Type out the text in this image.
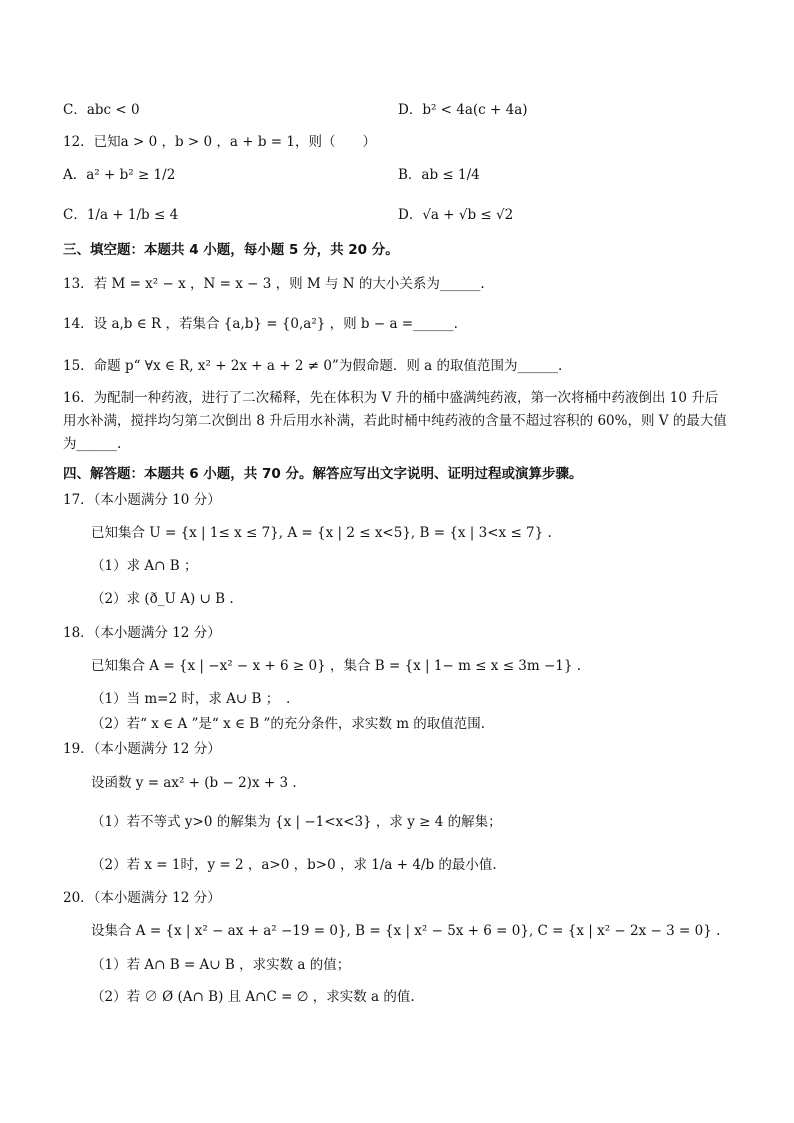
C．abc < 0	D．b² < 4a(c + 4a)
12．已知a > 0 ，b > 0 ，a + b = 1，则（　　）
A．a² + b² ≥ 1/2	B．ab ≤ 1/4
C．1/a + 1/b ≤ 4	D．√a + √b ≤ √2
三、填空题：本题共 4 小题，每小题 5 分，共 20 分。
13．若 M = x² − x ，N = x − 3 ，则 M 与 N 的大小关系为______.
14．设 a,b ∈ R ，若集合 {a,b} = {0,a²} ，则 b − a =______.
15．命题 p“ ∀x ∈ R, x² + 2x + a + 2 ≠ 0”为假命题．则 a 的取值范围为______.
16．为配制一种药液，进行了二次稀释，先在体积为 V 升的桶中盛满纯药液，第一次将桶中药液倒出 10 升后用水补满，搅拌均匀第二次倒出 8 升后用水补满，若此时桶中纯药液的含量不超过容积的 60%，则 V 的最大值为______.
四、解答题：本题共 6 小题，共 70 分。解答应写出文字说明、证明过程或演算步骤。
17．（本小题满分 10 分）
已知集合 U = {x | 1≤ x ≤ 7}, A = {x | 2 ≤ x<5}, B = {x | 3<x ≤ 7} .
（1）求 A∩ B ；
（2）求 (ð_U A) ∪ B .
18．（本小题满分 12 分）
已知集合 A = {x | −x² − x + 6 ≥ 0} ，集合 B = {x | 1− m ≤ x ≤ 3m −1} .
（1）当 m=2 时，求 A∪ B ；　.
（2）若“ x ∈ A ”是“ x ∈ B ”的充分条件，求实数 m 的取值范围.
19．（本小题满分 12 分）
设函数 y = ax² + (b − 2)x + 3 .
（1）若不等式 y>0 的解集为 {x | −1<x<3} ，求 y ≥ 4 的解集；
（2）若 x = 1时，y = 2 ，a>0 ，b>0 ，求 1/a + 4/b 的最小值.
20．（本小题满分 12 分）
设集合 A = {x | x² − ax + a² −19 = 0}, B = {x | x² − 5x + 6 = 0}, C = {x | x² − 2x − 3 = 0} .
（1）若 A∩ B = A∪ B ，求实数 a 的值；
（2）若 ∅ Ø (A∩ B) 且 A∩C = ∅ ，求实数 a 的值.
